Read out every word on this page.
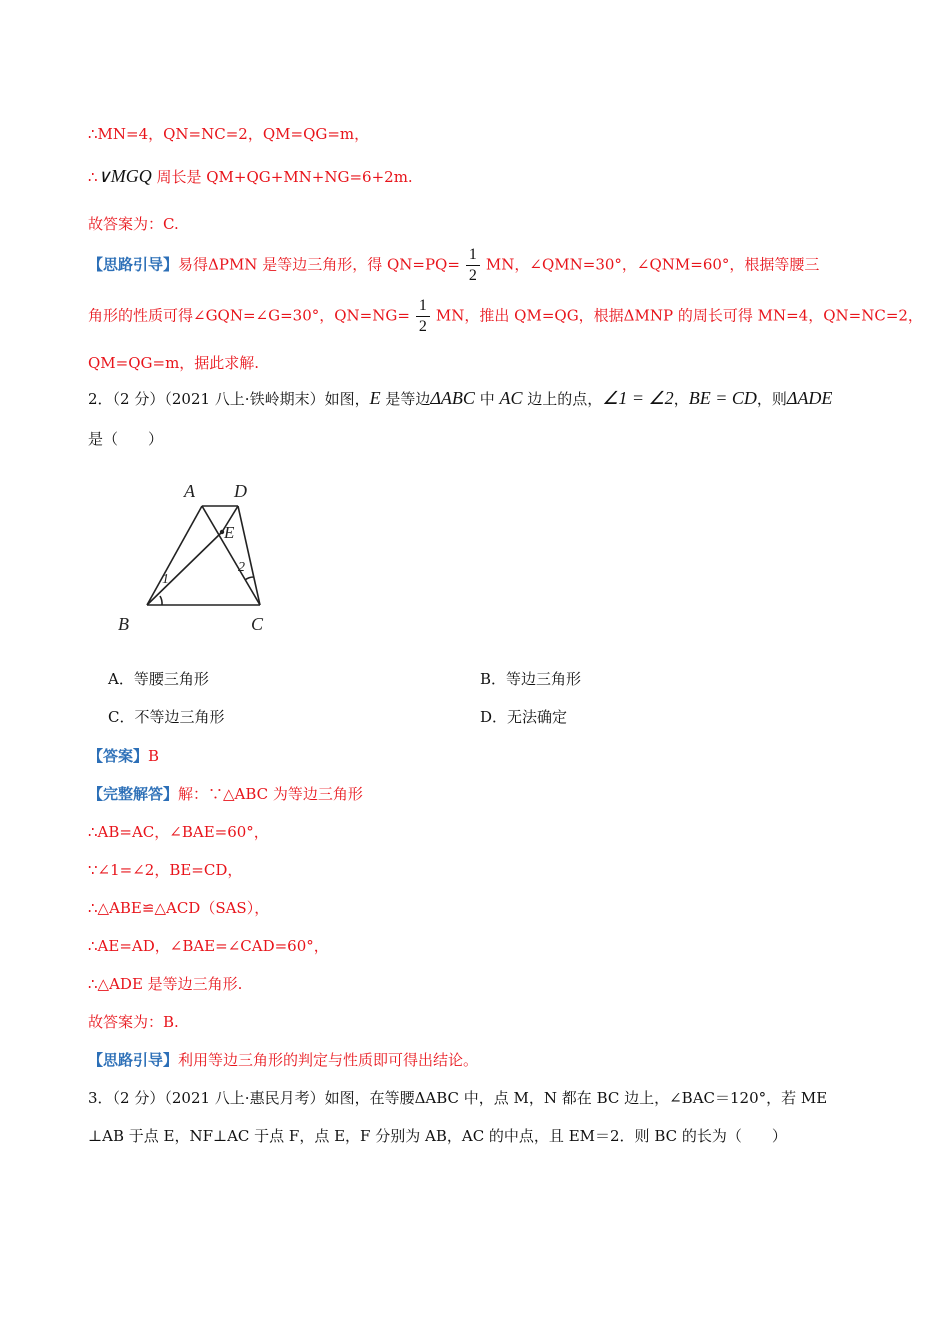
∴MN=4，QN=NC=2，QM=QG=m，
∴∨MGQ 周长是 QM+QG+MN+NG=6+2m.
故答案为：C.
【思路引导】易得ΔPMN 是等边三角形，得 $QN=PQ= \frac{1}{2}$ MN，∠QMN=30°，∠QNM=60°，根据等腰三
角形的性质可得∠GQN=∠G=30°，$QN=NG= \frac{1}{2}$ MN，推出 QM=QG，根据ΔMNP 的周长可得 MN=4，QN=NC=2，
QM=QG=m，据此求解.
2．（2 分）（2021 八上·铁岭期末）如图，E 是等边ΔABC 中 AC 边上的点，∠1 = ∠2，BE = CD，则ΔADE
是（　　）
A D
E
B	C
1
2
A．等腰三角形	B．等边三角形
C．不等边三角形	D．无法确定
【答案】B
【完整解答】解：∵△ABC 为等边三角形
∴AB=AC，∠BAE=60°，
∵∠1=∠2，BE=CD，
∴△ABE≌△ACD（SAS），
∴AE=AD，∠BAE=∠CAD=60°，
∴△ADE 是等边三角形.
故答案为：B.
【思路引导】利用等边三角形的判定与性质即可得出结论。
3．（2 分）（2021 八上·惠民月考）如图，在等腰ΔABC 中，点 M，N 都在 BC 边上，∠BAC＝120°，若 ME
⊥AB 于点 E，NF⊥AC 于点 F，点 E，F 分别为 AB，AC 的中点，且 EM＝2．则 BC 的长为（　　）
